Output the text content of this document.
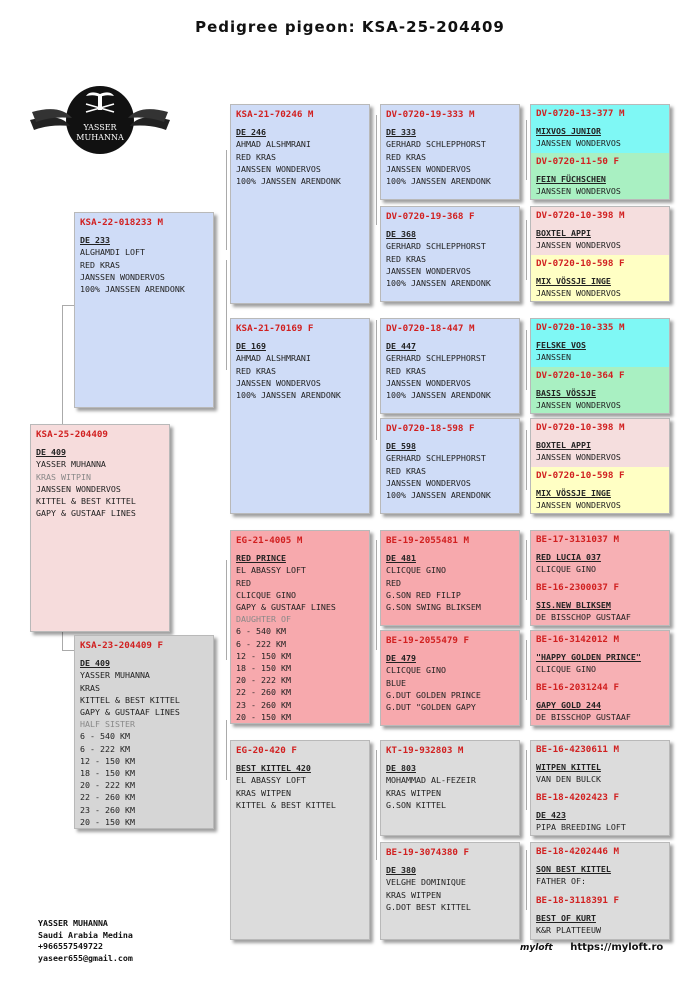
Pedigree pigeon: KSA-25-204409
YASSER
MUHANNA
KSA-25-204409
DE 409
YASSER MUHANNA
KRAS WITPIN
JANSSEN WONDERVOS
KITTEL & BEST KITTEL
GAPY & GUSTAAF LINES
KSA-22-018233 M
DE 233
ALGHAMDI LOFT
RED KRAS
JANSSEN WONDERVOS
100% JANSSEN ARENDONK
KSA-23-204409 F
DE 409
YASSER MUHANNA
KRAS
KITTEL & BEST KITTEL
GAPY & GUSTAAF LINES
HALF SISTER
6 - 540 KM
6 - 222 KM
12 - 150 KM
18 - 150 KM
20 - 222 KM
22 - 260 KM
23 - 260 KM
20 - 150 KM
KSA-21-70246 M
DE 246
AHMAD ALSHMRANI
RED KRAS
JANSSEN WONDERVOS
100% JANSSEN ARENDONK
KSA-21-70169 F
DE 169
AHMAD ALSHMRANI
RED KRAS
JANSSEN WONDERVOS
100% JANSSEN ARENDONK
EG-21-4005 M
RED PRINCE
EL ABASSY LOFT
RED
CLICQUE GINO
GAPY & GUSTAAF LINES
DAUGHTER OF
6 - 540 KM
6 - 222 KM
12 - 150 KM
18 - 150 KM
20 - 222 KM
22 - 260 KM
23 - 260 KM
20 - 150 KM
EG-20-420 F
BEST KITTEL 420
EL ABASSY LOFT
KRAS WITPEN
KITTEL & BEST KITTEL
DV-0720-19-333 M
DE 333
GERHARD SCHLEPPHORST
RED KRAS
JANSSEN WONDERVOS
100% JANSSEN ARENDONK
DV-0720-19-368 F
DE 368
GERHARD SCHLEPPHORST
RED KRAS
JANSSEN WONDERVOS
100% JANSSEN ARENDONK
DV-0720-18-447 M
DE 447
GERHARD SCHLEPPHORST
RED KRAS
JANSSEN WONDERVOS
100% JANSSEN ARENDONK
DV-0720-18-598 F
DE 598
GERHARD SCHLEPPHORST
RED KRAS
JANSSEN WONDERVOS
100% JANSSEN ARENDONK
BE-19-2055481 M
DE 481
CLICQUE GINO
RED
G.SON RED FILIP
G.SON SWING BLIKSEM
BE-19-2055479 F
DE 479
CLICQUE GINO
BLUE
G.DUT GOLDEN PRINCE
G.DUT "GOLDEN GAPY
KT-19-932803 M
DE 803
MOHAMMAD AL-FEZEIR
KRAS WITPEN
G.SON KITTEL
BE-19-3074380 F
DE 380
VELGHE DOMINIQUE
KRAS WITPEN
G.DOT BEST KITTEL
DV-0720-13-377 M
MIXVOS JUNIOR
JANSSEN WONDERVOS
DV-0720-11-50 F
FEIN FÜCHSCHEN
JANSSEN WONDERVOS
DV-0720-10-398 M
BOXTEL APPI
JANSSEN WONDERVOS
DV-0720-10-598 F
MIX VÖSSJE INGE
JANSSEN WONDERVOS
DV-0720-10-335 M
FELSKE VOS
JANSSEN
DV-0720-10-364 F
BASIS VÖSSJE
JANSSEN WONDERVOS
DV-0720-10-398 M
BOXTEL APPI
JANSSEN WONDERVOS
DV-0720-10-598 F
MIX VÖSSJE INGE
JANSSEN WONDERVOS
BE-17-3131037 M
RED LUCIA 037
CLICQUE GINO
BE-16-2300037 F
SIS.NEW BLIKSEM
DE BISSCHOP GUSTAAF
BE-16-3142012 M
"HAPPY GOLDEN PRINCE"
CLICQUE GINO
BE-16-2031244 F
GAPY GOLD 244
DE BISSCHOP GUSTAAF
BE-16-4230611 M
WITPEN KITTEL
VAN DEN BULCK
BE-18-4202423 F
DE 423
PIPA BREEDING LOFT
BE-18-4202446 M
SON BEST KITTEL
FATHER OF:
BE-18-3118391 F
BEST OF KURT
K&R PLATTEEUW
YASSER MUHANNA
Saudi Arabia Medina
+966557549722
yaseer655@gmail.com
myloft https://myloft.ro
